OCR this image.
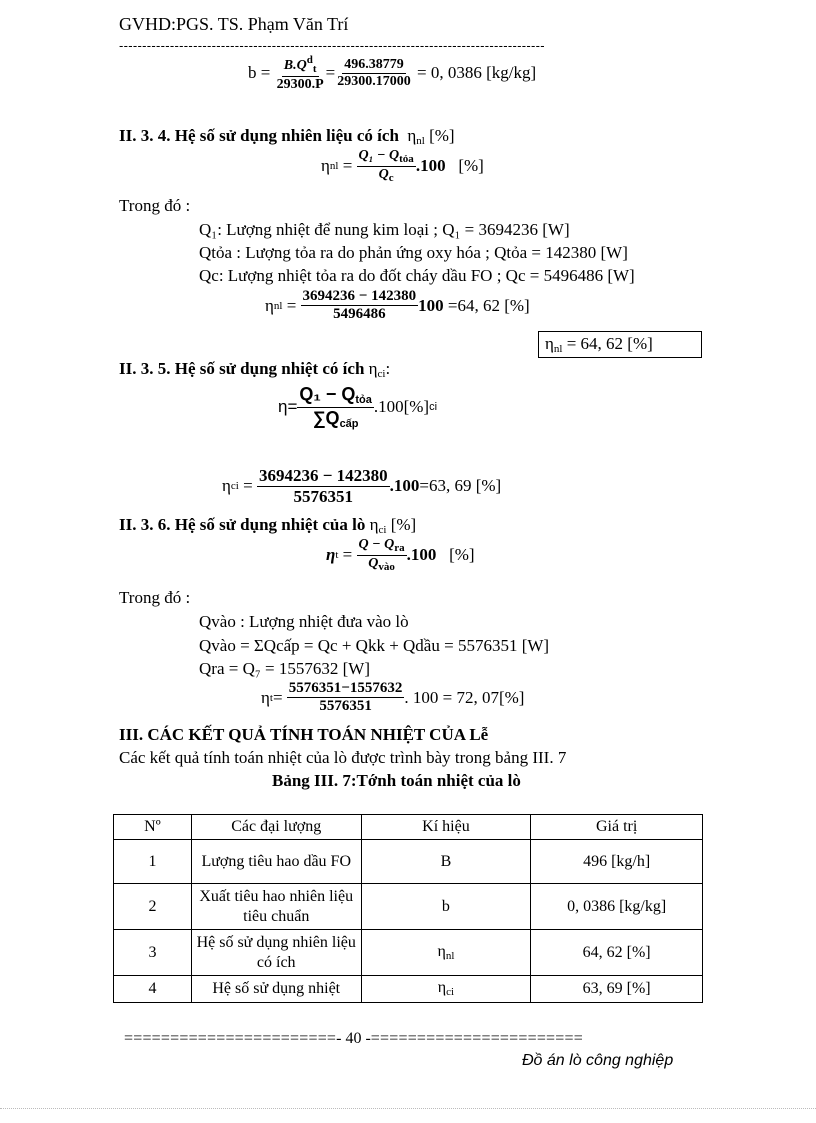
GVHD:PGS. TS. Phạm Văn Trí
--------------------------------------------------------------------------------------------
b =
$\frac{B.Q^d_t}{29300.P} = \frac{496.38779}{29300.17000}$
= 0, 0386 [kg/kg]
II. 3. 4. Hệ số sử dụng nhiên liệu có ích $\eta_{nl}$ [%]
η nl = $\frac{Q_1 - Q_{tỏa}}{Q_c} .100$
[%]
Trong đó :
Q₁: Lượng nhiệt để nung kim loại ; Q₁ = 3694236 [W]
Qtỏa : Lượng tỏa ra do phản ứng oxy hóa ; Qtỏa = 142380 [W]
Qc: Lượng nhiệt tỏa ra do đốt cháy dầu FO ; Qc = 5496486 [W]
η nl = $\frac{3694236 - 142380}{5496486} 100$
=64, 62 [%]
$\eta_{nl} = 64$, 62 [%]
II. 3. 5. Hệ số sử dụng nhiệt có ích $\eta_{ci}$:
$\eta= \frac{Q_1 - Q_{tỏa}}{\sum Q_{cấp}} .100[\%]$ ci
η ci = $\frac{3694236 - 142380}{5576351} .100 =63$, 69 [%]
II. 3. 6. Hệ số sử dụng nhiệt của lò $\eta_{ci}$ [%]
η $t = \frac{Q - Q_{ra}}{Q_{vào}} .100$
[%]
Trong đó :
Qvào : Lượng nhiệt đưa vào lò
Qvào = ΣQcấp = Qc + Qkk + Qdầu = 5576351 [W]
Qra = Q₇ = 1557632 [W]
η $t = \frac{5576351-1557632}{5576351}$ . 100 = 72, 07[%]
III. CÁC KẾT QUẢ TÍNH TOÁN NHIỆT CỦA Lễ
Các kết quả tính toán nhiệt của lò được trình bày trong bảng III. 7
Bảng III. 7:Tớnh toán nhiệt của lò
Nº	Các đại lượng	Kí hiệu	Giá trị
1	Lượng tiêu hao dầu FO	B	496 [kg/h]
2	Xuất tiêu hao nhiên liệu tiêu chuẩn	b	0, 0386 [kg/kg]
3	Hệ số sử dụng nhiên liệu có ích	$\eta_{nl}$	64, 62 [%]
4	Hệ số sử dụng nhiệt	$\eta_{ci}$	63, 69 [%]
======================= - 40 - =======================
Đồ án lò công nghiệp
